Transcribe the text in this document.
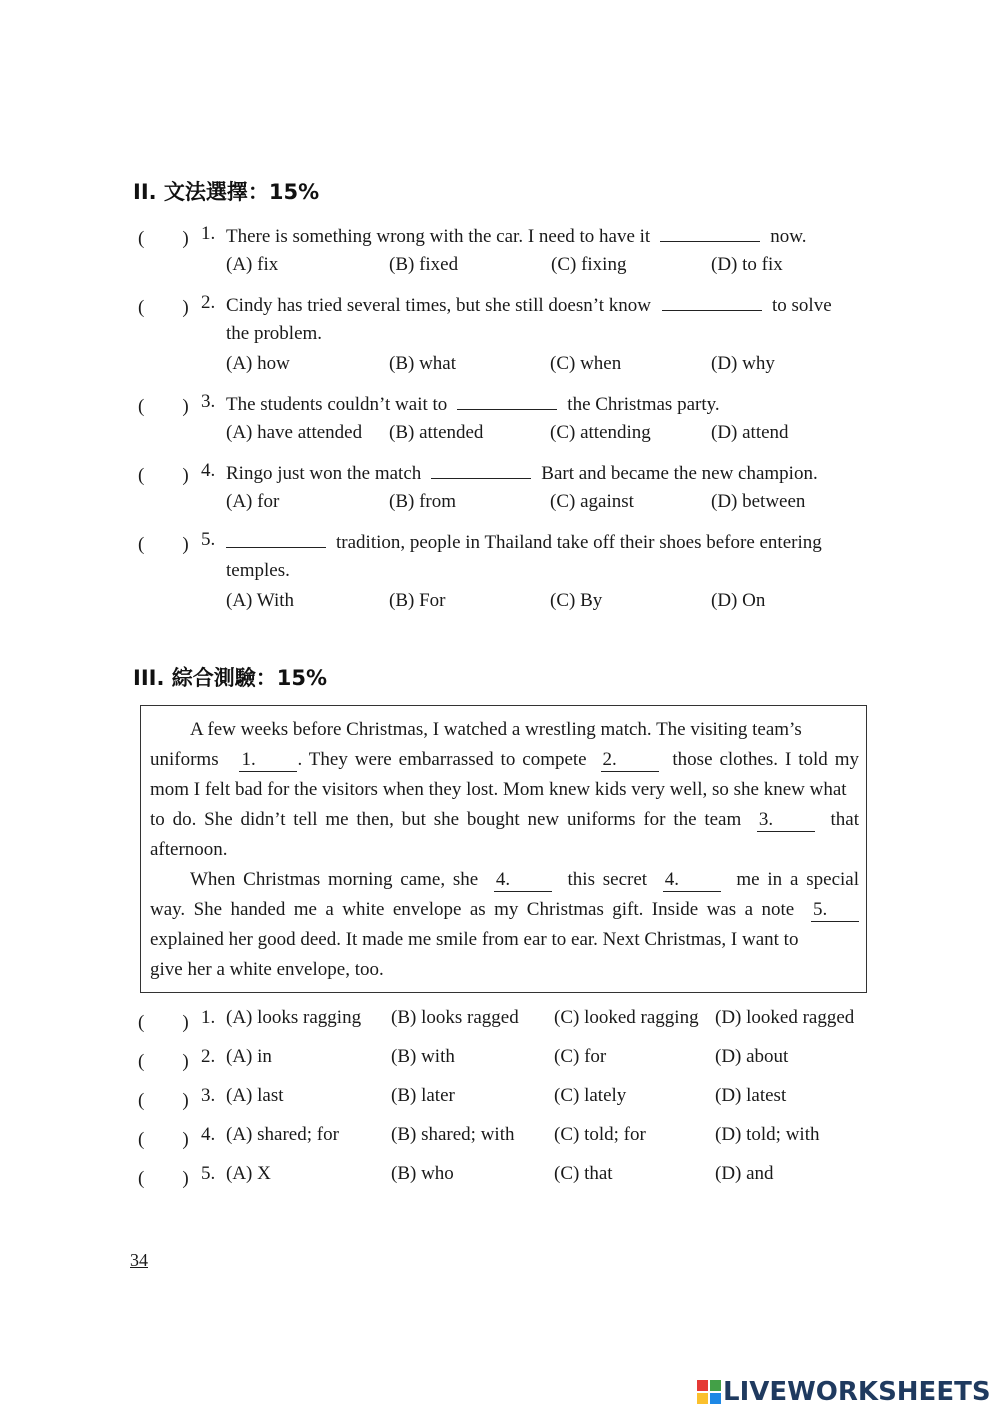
II. 文法選擇：15%
(　　) 1. There is something wrong with the car. I need to have it	now.
(A) fix	(B) fixed	(C) fixing	(D) to fix
(　　) 2. Cindy has tried several times, but she still doesn’t know	to solve
the problem.
(A) how	(B) what	(C) when	(D) why
(　　) 3. The students couldn’t wait to	the Christmas party.
(A) have attended (B) attended	(C) attending	(D) attend
(　　) 4. Ringo just won the match	Bart and became the new champion.
(A) for	(B) from	(C) against	(D) between
(　　) 5.	tradition, people in Thailand take off their shoes before entering
temples.
(A) With	(B) For	(C) By	(D) On
III. 綜合測驗：15%
A few weeks before Christmas, I watched a wrestling match. The visiting team’s
uniforms 1. . They were embarrassed to compete 2.	those clothes. I told my
mom I felt bad for the visitors when they lost. Mom knew kids very well, so she knew what
to do. She didn’t tell me then, but she bought new uniforms for the team 3.	that
afternoon.
When Christmas morning came, she 4.	this secret 4.	me in a special
way. She handed me a white envelope as my Christmas gift. Inside was a note 5.
explained her good deed. It made me smile from ear to ear. Next Christmas, I want to
give her a white envelope, too.
(　　) 1. (A) looks ragging (B) looks ragged (C) looked ragging (D) looked ragged
(　　) 2. (A) in	(B) with	(C) for	(D) about
(　　) 3. (A) last	(B) later	(C) lately	(D) latest
(　　) 4. (A) shared; for	(B) shared; with (C) told; for	(D) told; with
(　　) 5. (A) X	(B) who	(C) that	(D) and
34
LIVEWORKSHEETS
